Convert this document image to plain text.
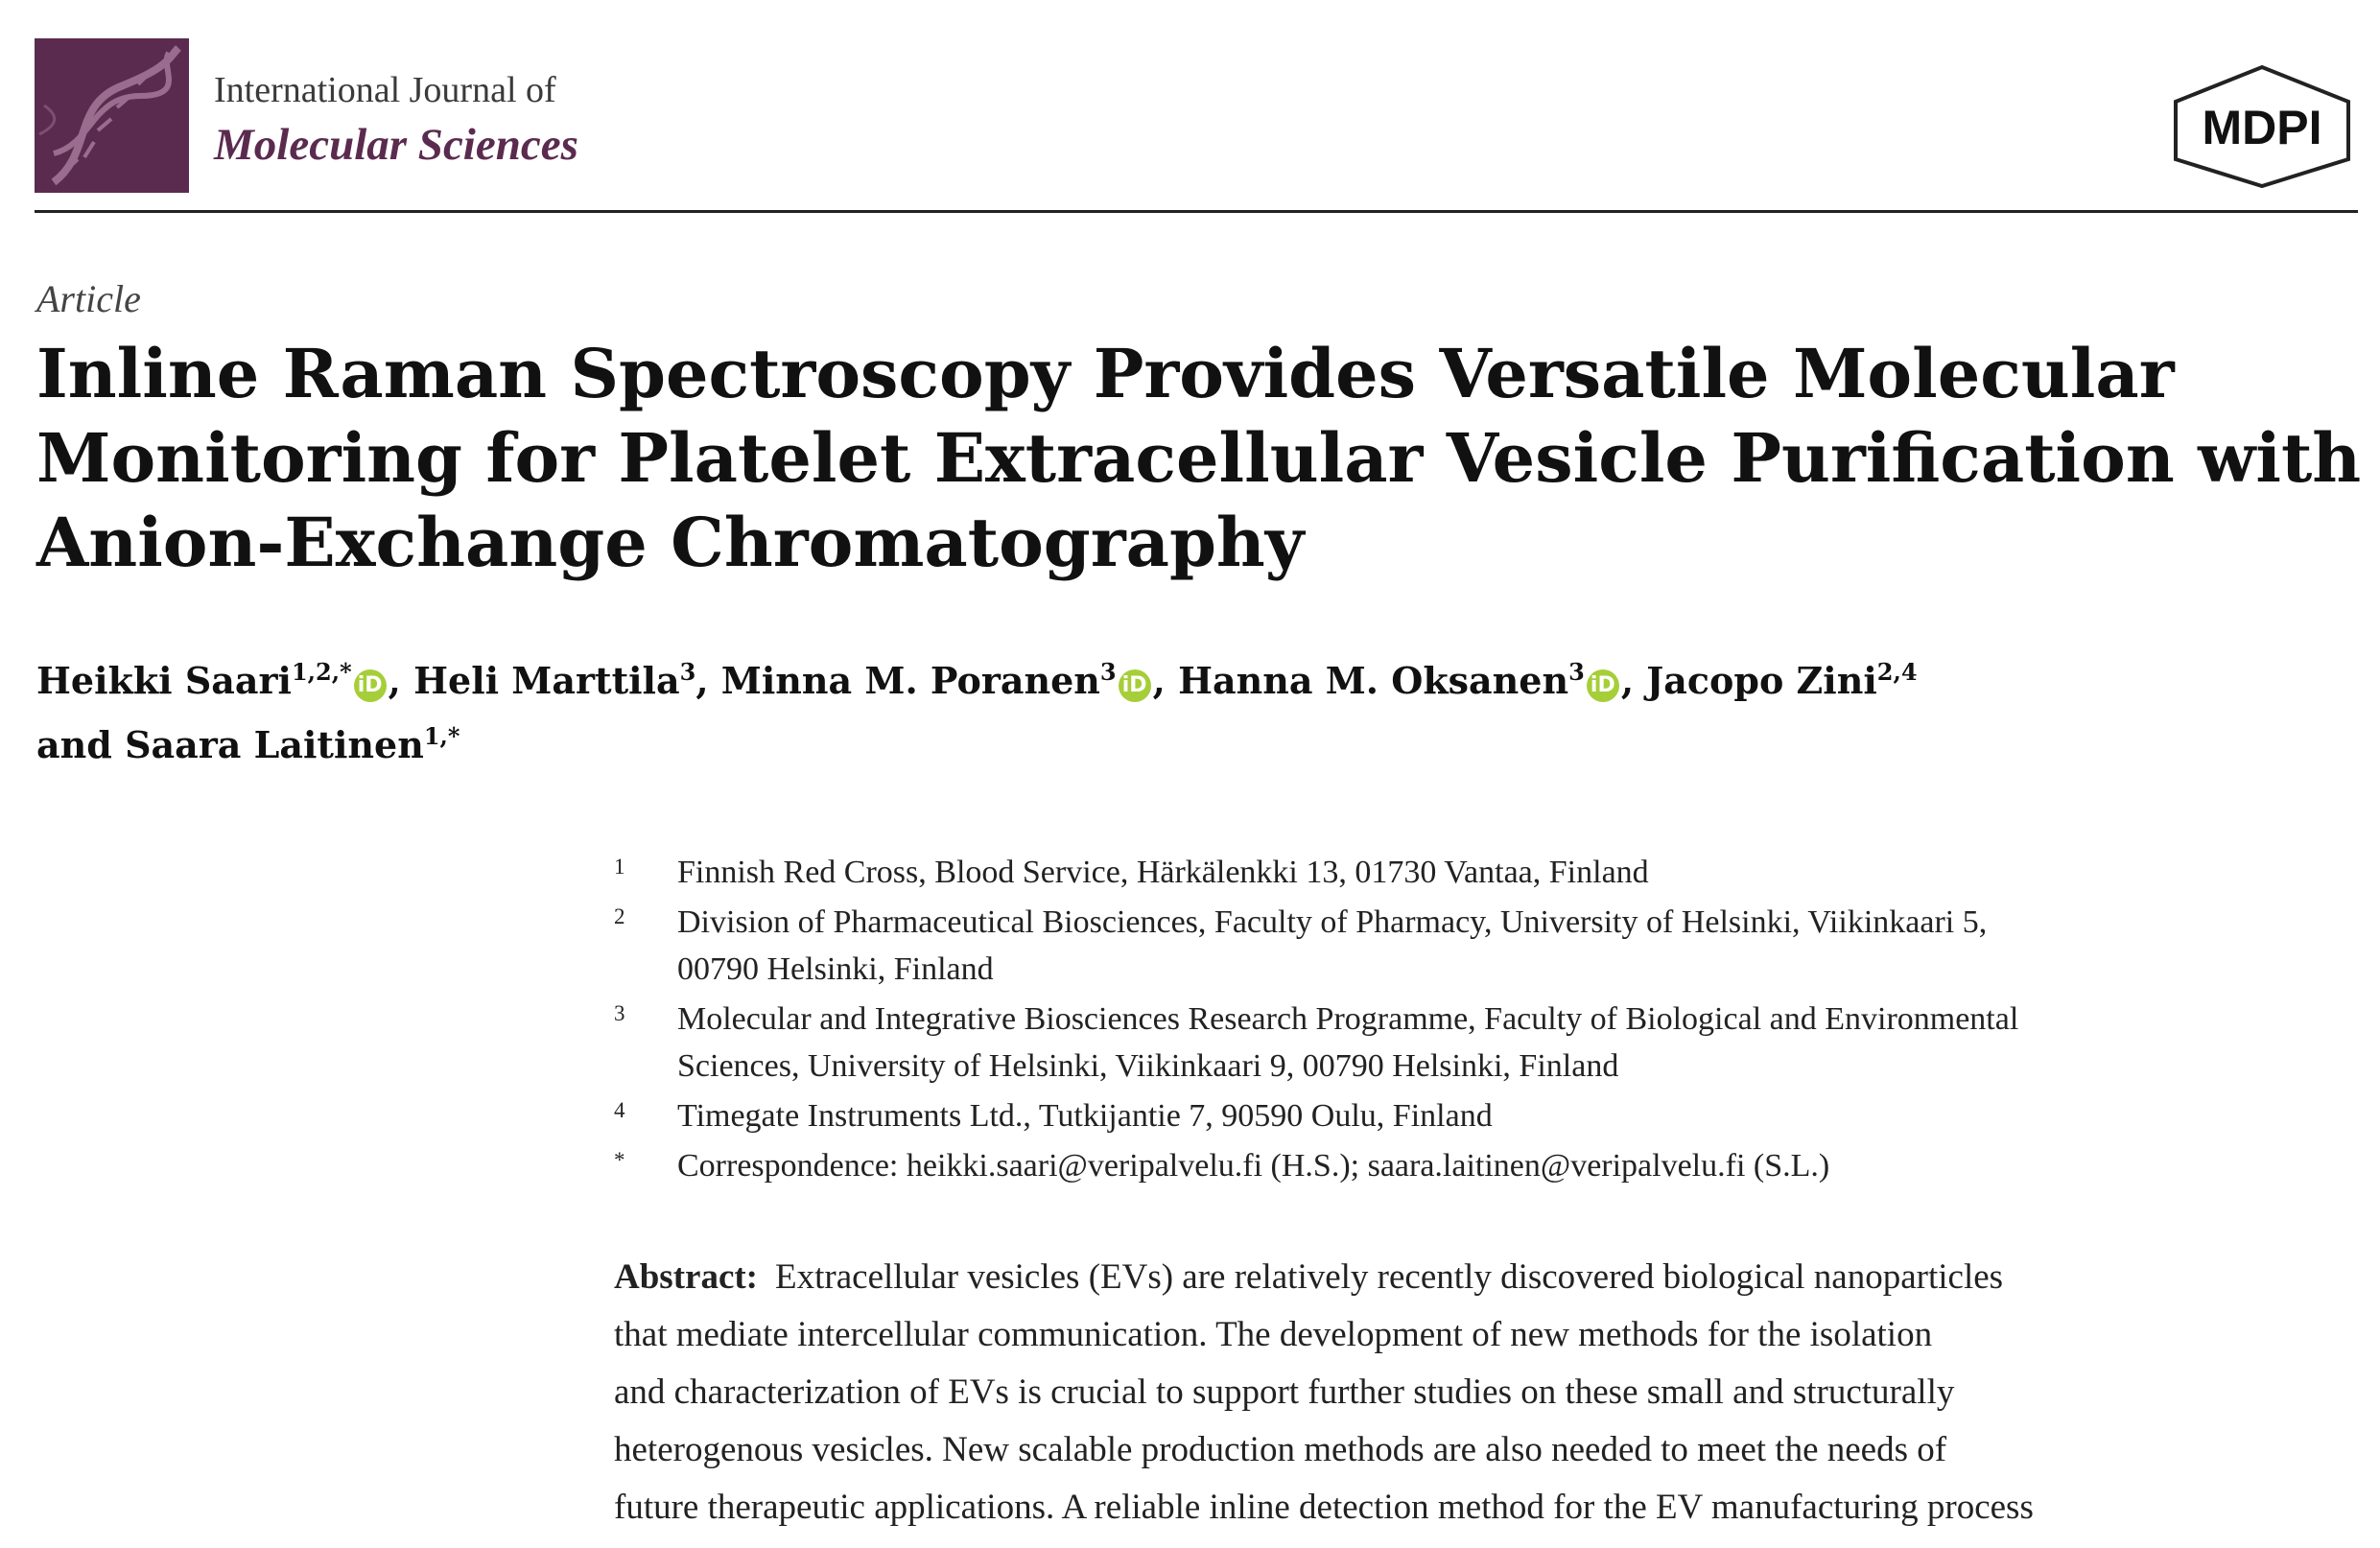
International Journal of
Molecular Sciences	MDPI
Article
Inline Raman Spectroscopy Provides Versatile Molecular
Monitoring for Platelet Extracellular Vesicle Purification with
Anion-Exchange Chromatography
Heikki Saari$^{1,2,*}$ iD , Heli Marttila$^3$, Minna M. Poranen$^3$ iD , Hanna M. Oksanen$^3$ iD , Jacopo Zini$^{2,4}$
and Saara Laitinen$^{1,*}$
1 Finnish Red Cross, Blood Service, Härkälenkki 13, 01730 Vantaa, Finland
2 Division of Pharmaceutical Biosciences, Faculty of Pharmacy, University of Helsinki, Viikinkaari 5,
00790 Helsinki, Finland
3 Molecular and Integrative Biosciences Research Programme, Faculty of Biological and Environmental
Sciences, University of Helsinki, Viikinkaari 9, 00790 Helsinki, Finland
4 Timegate Instruments Ltd., Tutkijantie 7, 90590 Oulu, Finland
* Correspondence: heikki.saari@veripalvelu.fi (H.S.); saara.laitinen@veripalvelu.fi (S.L.)
Abstract: Extracellular vesicles (EVs) are relatively recently discovered biological nanoparticles
that mediate intercellular communication. The development of new methods for the isolation
and characterization of EVs is crucial to support further studies on these small and structurally
heterogenous vesicles. New scalable production methods are also needed to meet the needs of
future therapeutic applications. A reliable inline detection method for the EV manufacturing process
